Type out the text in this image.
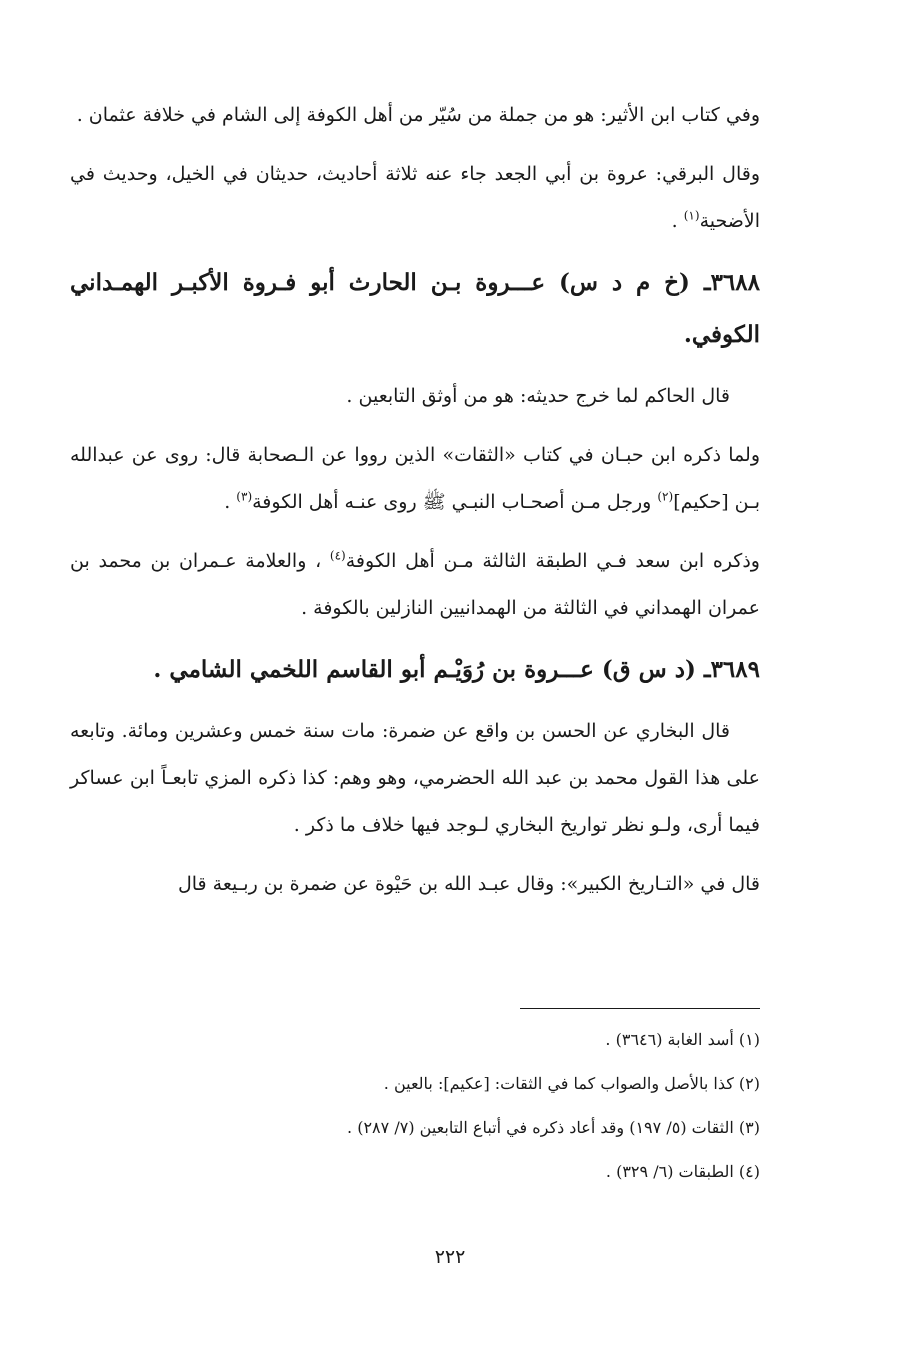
وفي كتاب ابن الأثير: هو من جملة من سُيّر من أهل الكوفة إلى الشام في خلافة عثمان .

وقال البرقي: عروة بن أبي الجعد جاء عنه ثلاثة أحاديث، حديثان في الخيل، وحديث في الأضحية$^{(١)}$ .

٣٦٨٨ـ (خ م د س) عـــروة بـن الحارث أبو فـروة الأكبـر الهمـداني الكوفي.

قال الحاكم لما خرج حديثه: هو من أوثق التابعين .

ولما ذكره ابن حبـان في كتاب «الثقات» الذين رووا عن الـصحابة قال: روى عن عبدالله بـن [حكيم]$^{(٢)}$ ورجل مـن أصحـاب النبـي ﷺ روى عنـه أهل الكوفة$^{(٣)}$ .

وذكره ابن سعد فـي الطبقة الثالثة مـن أهل الكوفة$^{(٤)}$ ، والعلامة عـمران بن محمد بن عمران الهمداني في الثالثة من الهمدانيين النازلين بالكوفة .

٣٦٨٩ـ (د س ق) عـــروة بن رُوَيْـم أبو القاسم اللخمي الشامي .

قال البخاري عن الحسن بن واقع عن ضمرة: مات سنة خمس وعشرين ومائة. وتابعه على هذا القول محمد بن عبد الله الحضرمي، وهو وهم: كذا ذكره المزي تابعـاً ابن عساكر فيما أرى، ولـو نظر تواريخ البخاري لـوجد فيها خلاف ما ذكر .

قال في «التـاريخ الكبير»: وقال عبـد الله بن حَيْوة عن ضمرة بن ربـيعة قال

(١) أسد الغابة (٣٦٤٦) .

(٢) كذا بالأصل والصواب كما في الثقات: [عكيم]: بالعين .

(٣) الثقات (٥/ ١٩٧) وقد أعاد ذكره في أتباع التابعين (٧/ ٢٨٧) .

(٤) الطبقات (٦/ ٣٢٩) .

٢٢٢
